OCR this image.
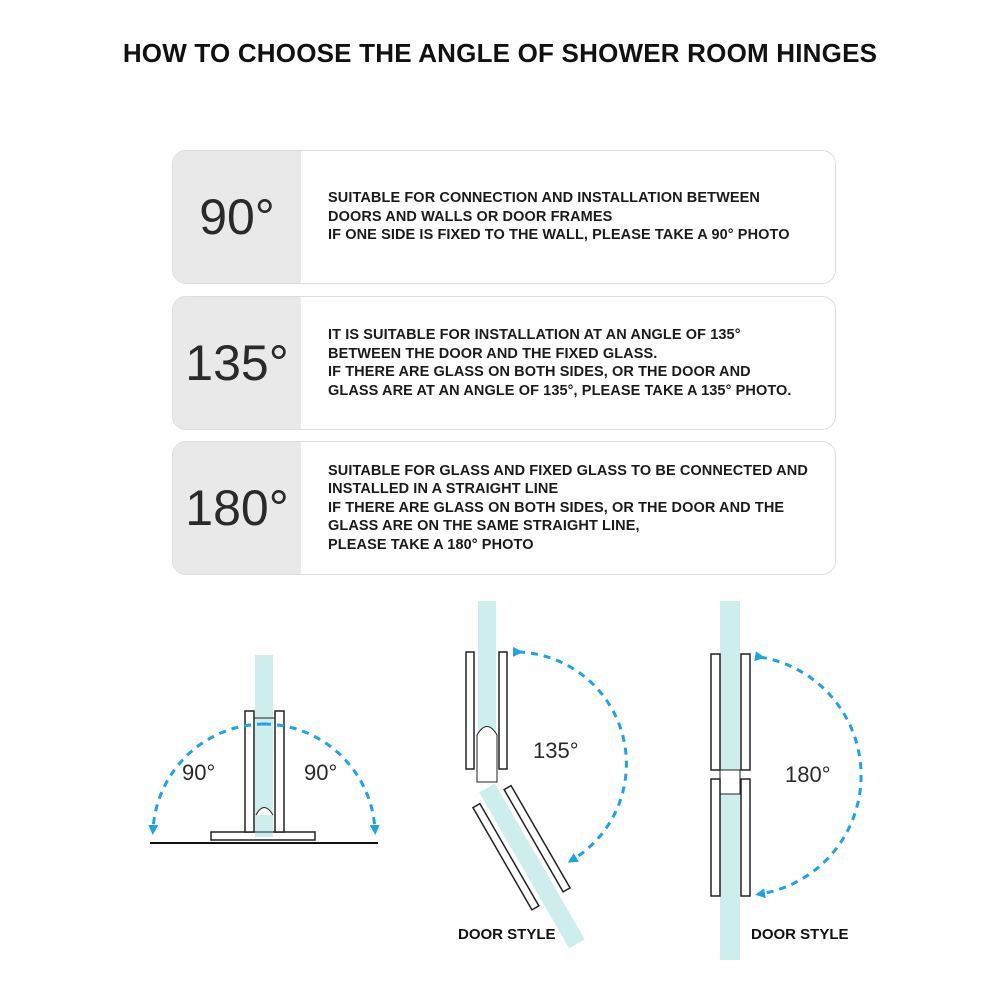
HOW TO CHOOSE THE ANGLE OF SHOWER ROOM HINGES
90°	SUITABLE FOR CONNECTION AND INSTALLATION BETWEEN
DOORS AND WALLS OR DOOR FRAMES
IF ONE SIDE IS FIXED TO THE WALL, PLEASE TAKE A 90° PHOTO
135°	IT IS SUITABLE FOR INSTALLATION AT AN ANGLE OF 135°
BETWEEN THE DOOR AND THE FIXED GLASS.
IF THERE ARE GLASS ON BOTH SIDES, OR THE DOOR AND
GLASS ARE AT AN ANGLE OF 135°, PLEASE TAKE A 135° PHOTO.
180°
SUITABLE FOR GLASS AND FIXED GLASS TO BE CONNECTED AND
INSTALLED IN A STRAIGHT LINE
IF THERE ARE GLASS ON BOTH SIDES, OR THE DOOR AND THE
GLASS ARE ON THE SAME STRAIGHT LINE,
PLEASE TAKE A 180° PHOTO
90°	90°
135°
180°
DOOR STYLE	DOOR STYLE
